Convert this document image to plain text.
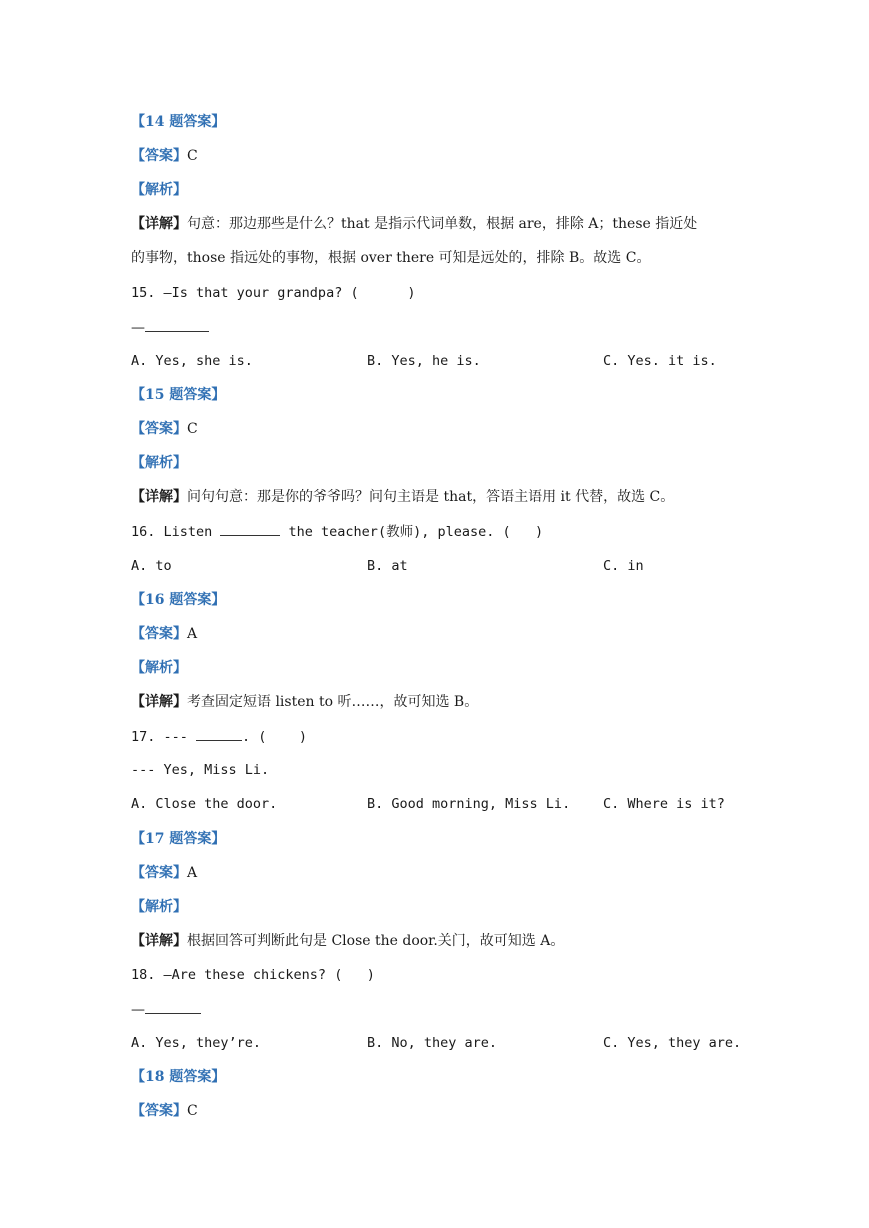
【14 题答案】
【答案】C
【解析】
【详解】句意：那边那些是什么？that 是指示代词单数，根据 are，排除 A；these 指近处
的事物，those 指远处的事物，根据 over there 可知是远处的，排除 B。故选 C。
15. —Is that your grandpa? (      )
—
A. Yes, she is.	B. Yes, he is.	C. Yes. it is.
【15 题答案】
【答案】C
【解析】
【详解】问句句意：那是你的爷爷吗？问句主语是 that，答语主语用 it 代替，故选 C。
16. Listen	the teacher(教师), please. (   )
A. to	B. at	C. in
【16 题答案】
【答案】A
【解析】
【详解】考查固定短语 listen to 听……，故可知选 B。
17. ---	. (    )
--- Yes, Miss Li.
A. Close the door.	B. Good morning, Miss Li. C. Where is it?
【17 题答案】
【答案】A
【解析】
【详解】根据回答可判断此句是 Close the door.关门，故可知选 A。
18. —Are these chickens? (   )
—
A. Yes, they’re.	B. No, they are.	C. Yes, they are.
【18 题答案】
【答案】C
